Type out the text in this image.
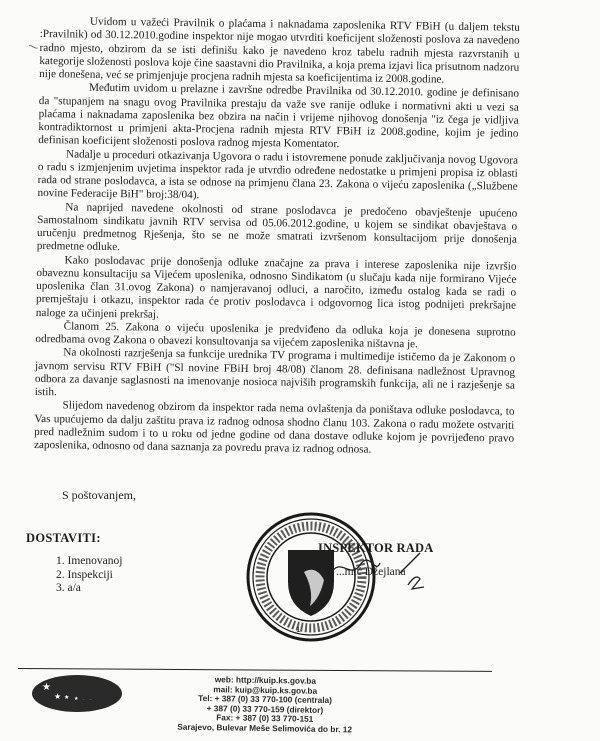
⁓

Uvidom u važeći Pravilnik o plaćama i naknadama zaposlenika RTV FBiH (u daljem tekstu :Pravilnik) od 30.12.2010.godine inspektor nije mogao utvrditi koeficijent složenosti poslova za navedeno radno mjesto, obzirom da se isti definišu kako je navedeno kroz tabelu radnih mjesta razvrstanih u kategorije složenosti poslova koje čine saastavni dio Pravilnika, a koja prema izjavi lica prisutnom nadzoru nije donešena, već se primjenjuje procjena radnih mjesta sa koeficijentima iz 2008.godine.

Međutim uvidom u prelazne i završne odredbe Pravilnika od 30.12.2010. godine je definisano da "stupanjem na snagu ovog Pravilnika prestaju da važe sve ranije odluke i normativni akti u vezi sa plaćama i naknadama zaposlenika bez obzira na način i vrijeme njihovog donošenja "iz čega je vidljiva kontradiktornost u primjeni akta-Procjena radnih mjesta RTV FBiH iz 2008.godine, kojim je jedino definisan koeficijent složenosti poslova radnog mjesta Komentator.

Nadalje u proceduri otkazivanja Ugovora o radu i istovremene ponude zaključivanja novog Ugovora o radu s izmjenjenim uvjetima inspektor rada je utvrdio određene nedostatke u primjeni propisa iz oblasti rada od strane poslodavca, a ista se odnose na primjenu člana 23. Zakona o vijeću zaposlenika („Službene novine Federacije BiH" broj:38/04).

Na naprijed navedene okolnosti od strane poslodavca je predočeno obavještenje upućeno Samostalnom sindikatu javnih RTV servisa od 05.06.2012.godine, u kojem se sindikat obavještava o uručenju predmetnog Rješenja, što se ne može smatrati izvršenom konsultacijom prije donošenja predmetne odluke.

Kako poslodavac prije donošenja odluke značajne za prava i interese zaposlenika nije izvršio obaveznu konsultaciju sa Vijećem uposlenika, odnosno Sindikatom (u slučaju kada nije formirano Vijeće uposlenika član 31.ovog Zakona) o namjeravanoj odluci, a naročito, između ostalog kada se radi o premještaju i otkazu, inspektor rada će protiv poslodavca i odgovornog lica istog podnijeti prekršajne naloge za učinjeni prekršaj.

Članom 25. Zakona o vijeću uposlenika je predviđeno da odluka koja je donesena suprotno odredbama ovog Zakona o obavezi konsultovanja sa vijećem zaposlenika ništavna je.

Na okolnosti razrješenja sa funkcije urednika TV programa i multimedije ističemo da je Zakonom o javnom servisu RTV FBiH ("Sl novine FBiH broj 48/08) članom 28. definisana nadležnost Upravnog odbora za davanje saglasnosti na imenovanje nosioca najviših programskih funkcija, ali ne i razješenje sa istih.

Slijedom navedenog obzirom da inspektor rada nema ovlaštenja da poništava odluke poslodavca, to Vas upućujemo da dalju zaštitu prava iz radnog odnosa shodno članu 103. Zakona o radu možete ostvariti pred nadležnim sudom i to u roku od jedne godine od dana dostave odluke kojom je povrijeđeno pravo zaposlenika, odnosno od dana saznanja za povredu prava iz radnog odnosa.

S poštovanjem,
DOSTAVITI:
1. Imenovanoj
2. Inspekciji
3. a/a
1
INSPEKTOR RADA
...mić Džejlana
★
★ ★ ★ · ·
web: http://kuip.ks.gov.ba
mail: kuip@kuip.ks.gov.ba
Tel: + 387 (0) 33 770-100 (centrala)
+ 387 (0) 33 770-159 (direktor)
Fax: + 387 (0) 33 770-151
Sarajevo, Bulevar Meše Selimovića do br. 12
